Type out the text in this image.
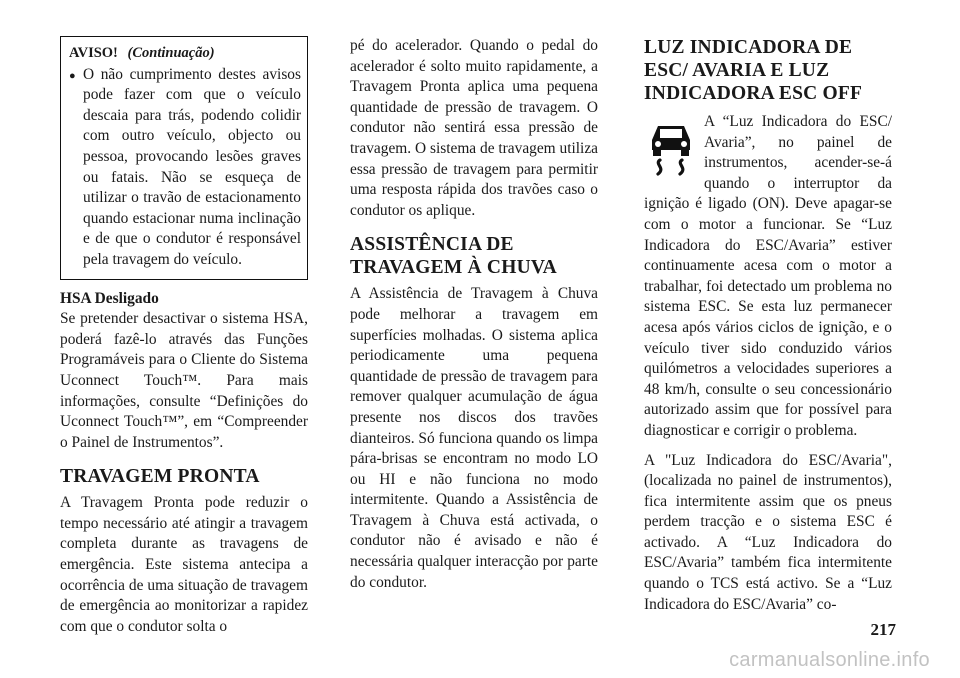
AVISO! (Continuação)
● O não cumprimento destes avisos pode fazer com que o veículo descaia para trás, podendo colidir com outro veículo, objecto ou pessoa, provocando lesões graves ou fatais. Não se esqueça de utilizar o travão de estacionamento quando estacionar numa inclinação e de que o condutor é responsável pela travagem do veículo.

HSA Desligado

Se pretender desactivar o sistema HSA, poderá fazê-lo através das Funções Programáveis para o Cliente do Sistema Uconnect Touch™. Para mais informações, consulte “Definições do Uconnect Touch™”, em “Compreender o Painel de Instrumentos”.

TRAVAGEM PRONTA

A Travagem Pronta pode reduzir o tempo necessário até atingir a travagem completa durante as travagens de emergência. Este sistema antecipa a ocorrência de uma situação de travagem de emergência ao monitorizar a rapidez com que o condutor solta o

pé do acelerador. Quando o pedal do acelerador é solto muito rapidamente, a Travagem Pronta aplica uma pequena quantidade de pressão de travagem. O condutor não sentirá essa pressão de travagem. O sistema de travagem utiliza essa pressão de travagem para permitir uma resposta rápida dos travões caso o condutor os aplique.

ASSISTÊNCIA DE TRAVAGEM À CHUVA

A Assistência de Travagem à Chuva pode melhorar a travagem em superfícies molhadas. O sistema aplica periodicamente uma pequena quantidade de pressão de travagem para remover qualquer acumulação de água presente nos discos dos travões dianteiros. Só funciona quando os limpa pára-brisas se encontram no modo LO ou HI e não funciona no modo intermitente. Quando a Assistência de Travagem à Chuva está activada, o condutor não é avisado e não é necessária qualquer interacção por parte do condutor.

LUZ INDICADORA DE ESC/ AVARIA E LUZ INDICADORA ESC OFF

A “Luz Indicadora do ESC/ Avaria”, no painel de instrumentos, acender-se-á quando o interruptor da ignição é ligado (ON). Deve apagar-se com o motor a funcionar. Se “Luz Indicadora do ESC/Avaria” estiver continuamente acesa com o motor a trabalhar, foi detectado um problema no sistema ESC. Se esta luz permanecer acesa após vários ciclos de ignição, e o veículo tiver sido conduzido vários quilómetros a velocidades superiores a 48 km/h, consulte o seu concessionário autorizado assim que for possível para diagnosticar e corrigir o problema.

A "Luz Indicadora do ESC/Avaria", (localizada no painel de instrumentos), fica intermitente assim que os pneus perdem tracção e o sistema ESC é activado. A “Luz Indicadora do ESC/Avaria” também fica intermitente quando o TCS está activo. Se a “Luz Indicadora do ESC/Avaria” co-

217
carmanualsonline.info
